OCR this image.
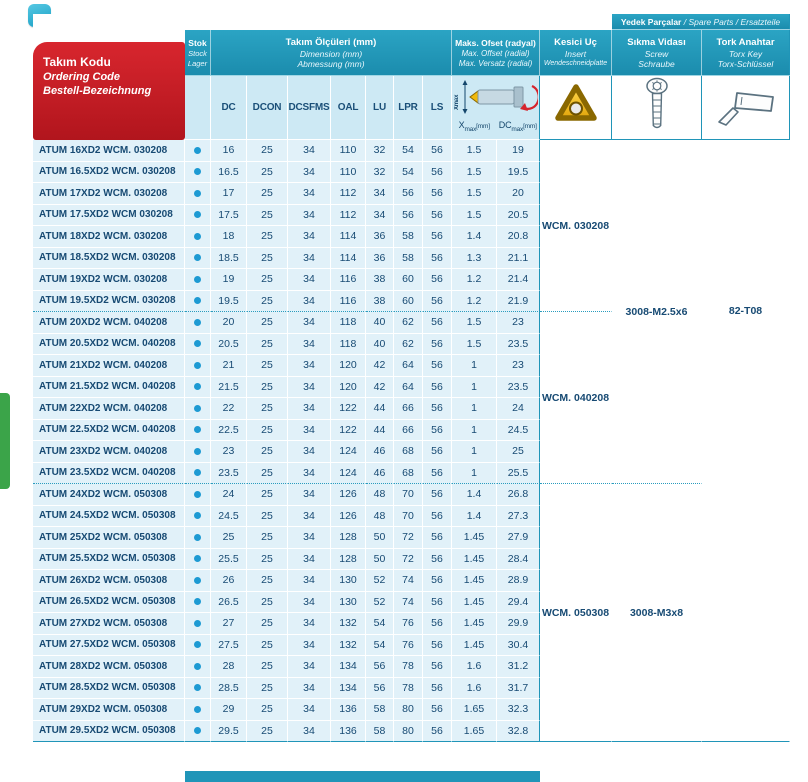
Takım Kodu
Ordering Code
Bestell-Bezeichnung
												Yedek Parçalar / Spare Parts / Ersatzteile	

Stok
Stock
Lager

Takım Ölçüleri (mm)
Dimension (mm)
Abmessung (mm)

Maks. Ofset (radyal)
Max. Offset (radial)
Max. Versatz (radial)

Kesici Uç
Insert
Wendeschneidplatte

Sıkma Vidası
Screw
Schraube

Tork Anahtar
Torx Key
Torx-Schlüssel

		DC	DCON	DCSFMS	OAL	LU	LPR	LS	Xmax
$X_{max}[mm]$ $DC_{max}[mm]$

ATUM 16XD2 WCM. 030208		16	25	34	110	32	54	56	1.5	19	WCM. 030208	3008-M2.5x6	82-T08
ATUM 16.5XD2 WCM. 030208		16.5	25	34	110	32	54	56	1.5	19.5			
ATUM 17XD2 WCM. 030208		17	25	34	112	34	56	56	1.5	20			
ATUM 17.5XD2 WCM 030208		17.5	25	34	112	34	56	56	1.5	20.5			
ATUM 18XD2 WCM. 030208		18	25	34	114	36	58	56	1.4	20.8			
ATUM 18.5XD2 WCM. 030208		18.5	25	34	114	36	58	56	1.3	21.1			
ATUM 19XD2 WCM. 030208		19	25	34	116	38	60	56	1.2	21.4			
ATUM 19.5XD2 WCM. 030208		19.5	25	34	116	38	60	56	1.2	21.9			
ATUM 20XD2 WCM. 040208		20	25	34	118	40	62	56	1.5	23	WCM. 040208		
ATUM 20.5XD2 WCM. 040208		20.5	25	34	118	40	62	56	1.5	23.5			
ATUM 21XD2 WCM. 040208		21	25	34	120	42	64	56	1	23			
ATUM 21.5XD2 WCM. 040208		21.5	25	34	120	42	64	56	1	23.5			
ATUM 22XD2 WCM. 040208		22	25	34	122	44	66	56	1	24			
ATUM 22.5XD2 WCM. 040208		22.5	25	34	122	44	66	56	1	24.5			
ATUM 23XD2 WCM. 040208		23	25	34	124	46	68	56	1	25			
ATUM 23.5XD2 WCM. 040208		23.5	25	34	124	46	68	56	1	25.5			
ATUM 24XD2 WCM. 050308		24	25	34	126	48	70	56	1.4	26.8	WCM. 050308	3008-M3x8	
ATUM 24.5XD2 WCM. 050308		24.5	25	34	126	48	70	56	1.4	27.3			
ATUM 25XD2 WCM. 050308		25	25	34	128	50	72	56	1.45	27.9			
ATUM 25.5XD2 WCM. 050308		25.5	25	34	128	50	72	56	1.45	28.4			
ATUM 26XD2 WCM. 050308		26	25	34	130	52	74	56	1.45	28.9			
ATUM 26.5XD2 WCM. 050308		26.5	25	34	130	52	74	56	1.45	29.4			
ATUM 27XD2 WCM. 050308		27	25	34	132	54	76	56	1.45	29.9			
ATUM 27.5XD2 WCM. 050308		27.5	25	34	132	54	76	56	1.45	30.4			
ATUM 28XD2 WCM. 050308		28	25	34	134	56	78	56	1.6	31.2			
ATUM 28.5XD2 WCM. 050308		28.5	25	34	134	56	78	56	1.6	31.7			
ATUM 29XD2 WCM. 050308		29	25	34	136	58	80	56	1.65	32.3			
ATUM 29.5XD2 WCM. 050308		29.5	25	34	136	58	80	56	1.65	32.8			
